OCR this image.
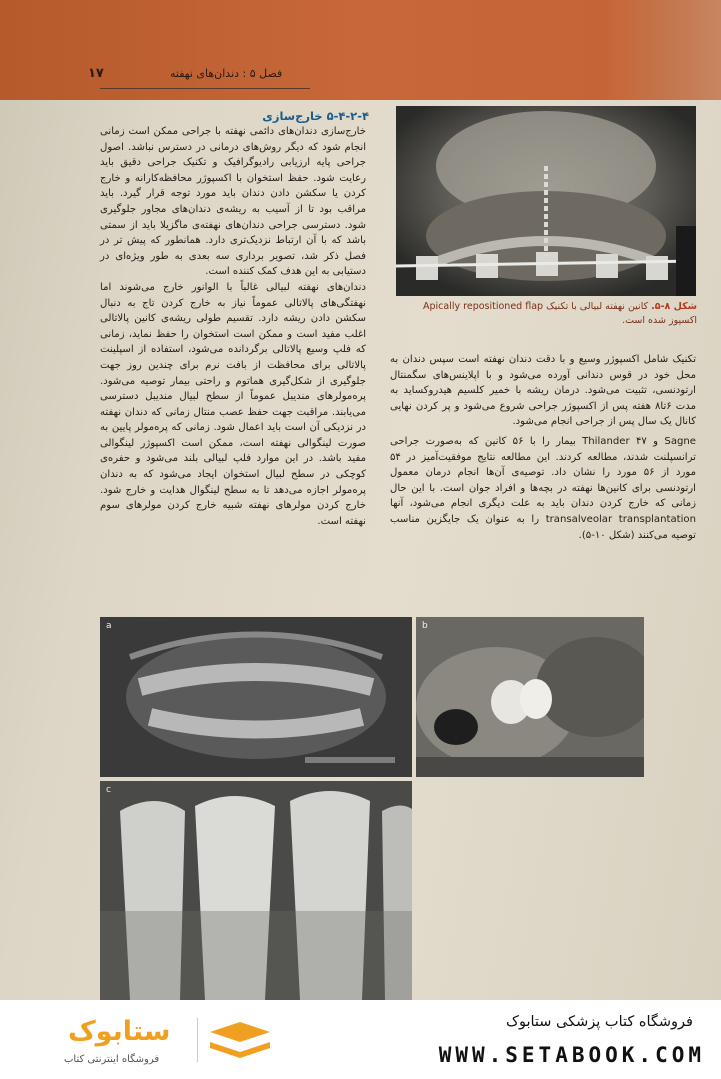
۱۷	فصل ۵ : دندان‌های نهفته
شکل ۸-۵. کانین نهفته لبیالی با تکنیک Apically repositioned flap اکسپوز شده است.
۵-۴-۲-۴ خارج‌سازی

خارج‌سازی دندان‌های دائمی نهفته با جراحی ممکن است زمانی انجام شود که دیگر روش‌های درمانی در دسترس نباشد. اصول جراحی پایه ارزیابی رادیوگرافیک و تکنیک جراحی دقیق باید رعایت شود. حفظ استخوان با اکسپوژر محافظه‌کارانه و خارج کردن یا سکشن دادن دندان باید مورد توجه قرار گیرد. باید مراقب بود تا از آسیب به ریشه‌ی دندان‌های مجاور جلوگیری شود. دسترسی جراحی دندان‌های نهفته‌ی ماگزیلا باید از سمتی باشد که با آن ارتباط نزدیک‌تری دارد. همانطور که پیش تر در فصل ذکر شد، تصویر برداری سه بعدی به طور ویژه‌ای در دستیابی به این هدف کمک کننده است.

دندان‌های نهفته لبیالی غالباً با الوانور خارج می‌شوند اما نهفتگی‌های پالاتالی عموماً نیاز به خارج کردن تاج به دنبال سکشن دادن ریشه دارد. تقسیم طولی ریشه‌ی کانین پالاتالی اغلب مفید است و ممکن است استخوان را حفظ نماید، زمانی که فلپ وسیع پالاتالی برگردانده می‌شود، استفاده از اسپلینت پالاتالی برای محافظت از بافت نرم برای چندین روز جهت جلوگیری از شکل‌گیری هماتوم و راحتی بیمار توصیه می‌شود. پره‌مولرهای مندیبل عموماً از سطح لبیال مندیبل دسترسی می‌یابند. مراقبت جهت حفظ عصب منتال زمانی که دندان نهفته در نزدیکی آن است باید اعمال شود. زمانی که پره‌مولر پایین به صورت لینگوالی نهفته است، ممکن است اکسپوژر لینگوالی مفید باشد. در این موارد فلپ لبیالی بلند می‌شود و حفره‌ی کوچکی در سطح لبیال استخوان ایجاد می‌شود که به دندان پره‌مولر اجازه می‌دهد تا به سطح لینگوال هدایت و خارج شود. خارج کردن مولرهای نهفته شبیه خارج کردن مولرهای سوم نهفته است.

تکنیک شامل اکسپوژر وسیع و با دقت دندان نهفته است سپس دندان به محل خود در قوس دندانی آورده می‌شود و با اپلاینس‌های سگمنتال ارتودنسی، تثبیت می‌شود. درمان ریشه با خمیر کلسیم هیدروکساید به مدت ۶تا۸ هفته پس از اکسپوژر جراحی شروع می‌شود و پر کردن نهایی کانال یک سال پس از جراحی انجام می‌شود.

Sagne و Thilander ۴۷ بیمار را با ۵۶ کانین که به‌صورت جراحی ترانسپلنت شدند، مطالعه کردند. این مطالعه نتایج موفقیت‌آمیز در ۵۴ مورد از ۵۶ مورد را نشان داد. توصیه‌ی آن‌ها انجام درمان معمول ارتودنسی برای کانین‌ها نهفته در بچه‌ها و افراد جوان است. با این حال زمانی که خارج کردن دندان باید به علت دیگری انجام می‌شود، آنها transalveolar transplantation را به عنوان یک جایگزین مناسب توصیه می‌کنند (شکل ۱۰-۵).

a	b
c
ستابوک
فروشگاه اینترنتی کتاب
فروشگاه کتاب پزشکی ستابوک
WWW.SETABOOK.COM
